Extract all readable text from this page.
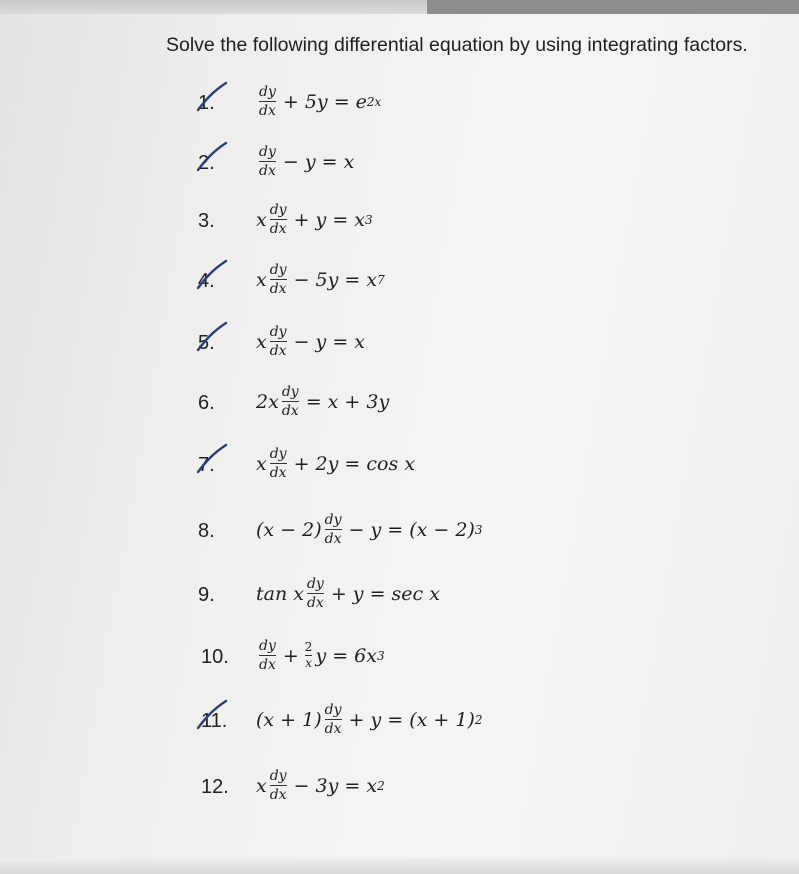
Solve the following differential equation by using integrating factors.
1.	$\frac{dy}{dx} + 5y = e$ 2x
2.	$\frac{dy}{dx} - y = x$
3. x $\frac{dy}{dx} + y = x$ 3
4. x $\frac{dy}{dx} - 5y = x$ 7
5. x $\frac{dy}{dx} - y = x$
6. $2x \frac{dy}{dx} = x + 3y$
7. x $\frac{dy}{dx} + 2y = \cos x$
8. $(x - 2) \frac{dy}{dx} - y = (x - 2)$ 3
9. tan x $\frac{dy}{dx} + y = \sec x$
10. $\frac{dy}{dx} + \frac{2}{x}$ y = 6x 3
11. $(x + 1) \frac{dy}{dx} + y = (x + 1)$ 2
12. x $\frac{dy}{dx} - 3y = x$ 2
